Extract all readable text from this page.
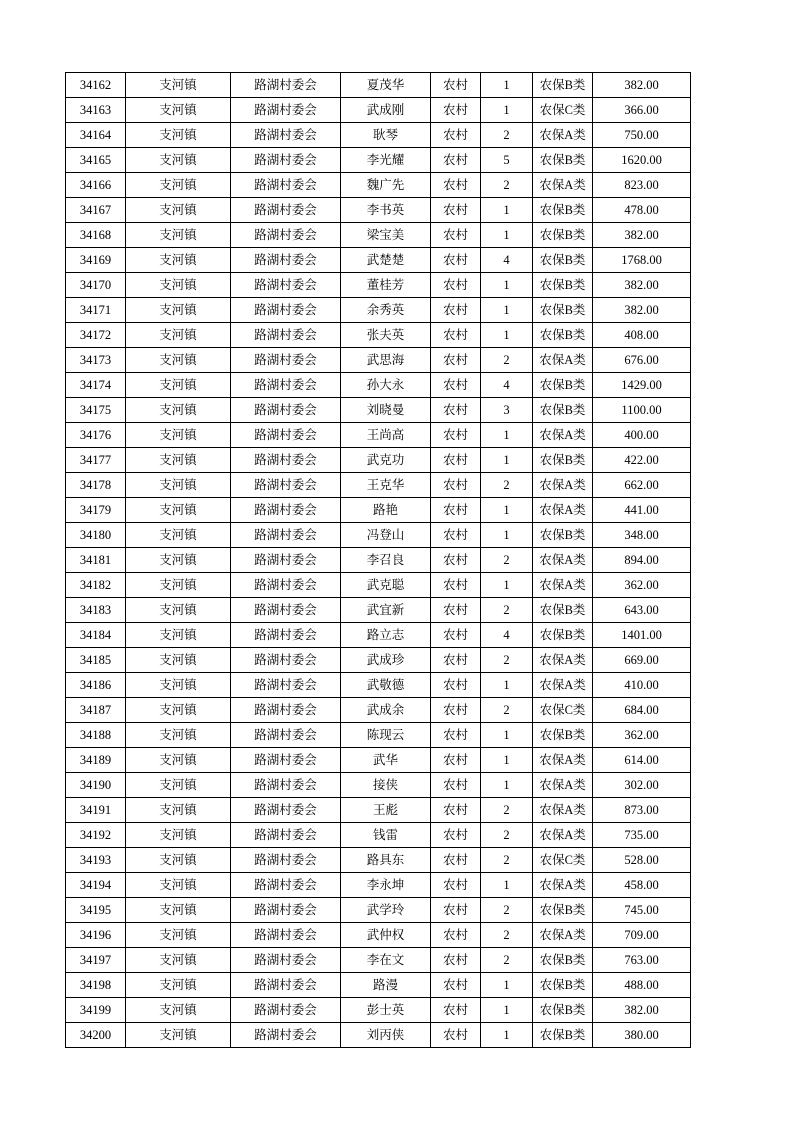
34162	支河镇	路湖村委会	夏茂华	农村	1	农保B类	382.00
34163	支河镇	路湖村委会	武成刚	农村	1	农保C类	366.00
34164	支河镇	路湖村委会	耿琴	农村	2	农保A类	750.00
34165	支河镇	路湖村委会	李光耀	农村	5	农保B类	1620.00
34166	支河镇	路湖村委会	魏广先	农村	2	农保A类	823.00
34167	支河镇	路湖村委会	李书英	农村	1	农保B类	478.00
34168	支河镇	路湖村委会	梁宝美	农村	1	农保B类	382.00
34169	支河镇	路湖村委会	武楚楚	农村	4	农保B类	1768.00
34170	支河镇	路湖村委会	董桂芳	农村	1	农保B类	382.00
34171	支河镇	路湖村委会	余秀英	农村	1	农保B类	382.00
34172	支河镇	路湖村委会	张夫英	农村	1	农保B类	408.00
34173	支河镇	路湖村委会	武思海	农村	2	农保A类	676.00
34174	支河镇	路湖村委会	孙大永	农村	4	农保B类	1429.00
34175	支河镇	路湖村委会	刘晓曼	农村	3	农保B类	1100.00
34176	支河镇	路湖村委会	王尚高	农村	1	农保A类	400.00
34177	支河镇	路湖村委会	武克功	农村	1	农保B类	422.00
34178	支河镇	路湖村委会	王克华	农村	2	农保A类	662.00
34179	支河镇	路湖村委会	路艳	农村	1	农保A类	441.00
34180	支河镇	路湖村委会	冯登山	农村	1	农保B类	348.00
34181	支河镇	路湖村委会	李召良	农村	2	农保A类	894.00
34182	支河镇	路湖村委会	武克聪	农村	1	农保A类	362.00
34183	支河镇	路湖村委会	武宜新	农村	2	农保B类	643.00
34184	支河镇	路湖村委会	路立志	农村	4	农保B类	1401.00
34185	支河镇	路湖村委会	武成珍	农村	2	农保A类	669.00
34186	支河镇	路湖村委会	武敬德	农村	1	农保A类	410.00
34187	支河镇	路湖村委会	武成余	农村	2	农保C类	684.00
34188	支河镇	路湖村委会	陈现云	农村	1	农保B类	362.00
34189	支河镇	路湖村委会	武华	农村	1	农保A类	614.00
34190	支河镇	路湖村委会	接侠	农村	1	农保A类	302.00
34191	支河镇	路湖村委会	王彪	农村	2	农保A类	873.00
34192	支河镇	路湖村委会	钱雷	农村	2	农保A类	735.00
34193	支河镇	路湖村委会	路具东	农村	2	农保C类	528.00
34194	支河镇	路湖村委会	李永坤	农村	1	农保A类	458.00
34195	支河镇	路湖村委会	武学玲	农村	2	农保B类	745.00
34196	支河镇	路湖村委会	武仲权	农村	2	农保A类	709.00
34197	支河镇	路湖村委会	李在文	农村	2	农保B类	763.00
34198	支河镇	路湖村委会	路漫	农村	1	农保B类	488.00
34199	支河镇	路湖村委会	彭士英	农村	1	农保B类	382.00
34200	支河镇	路湖村委会	刘丙侠	农村	1	农保B类	380.00
